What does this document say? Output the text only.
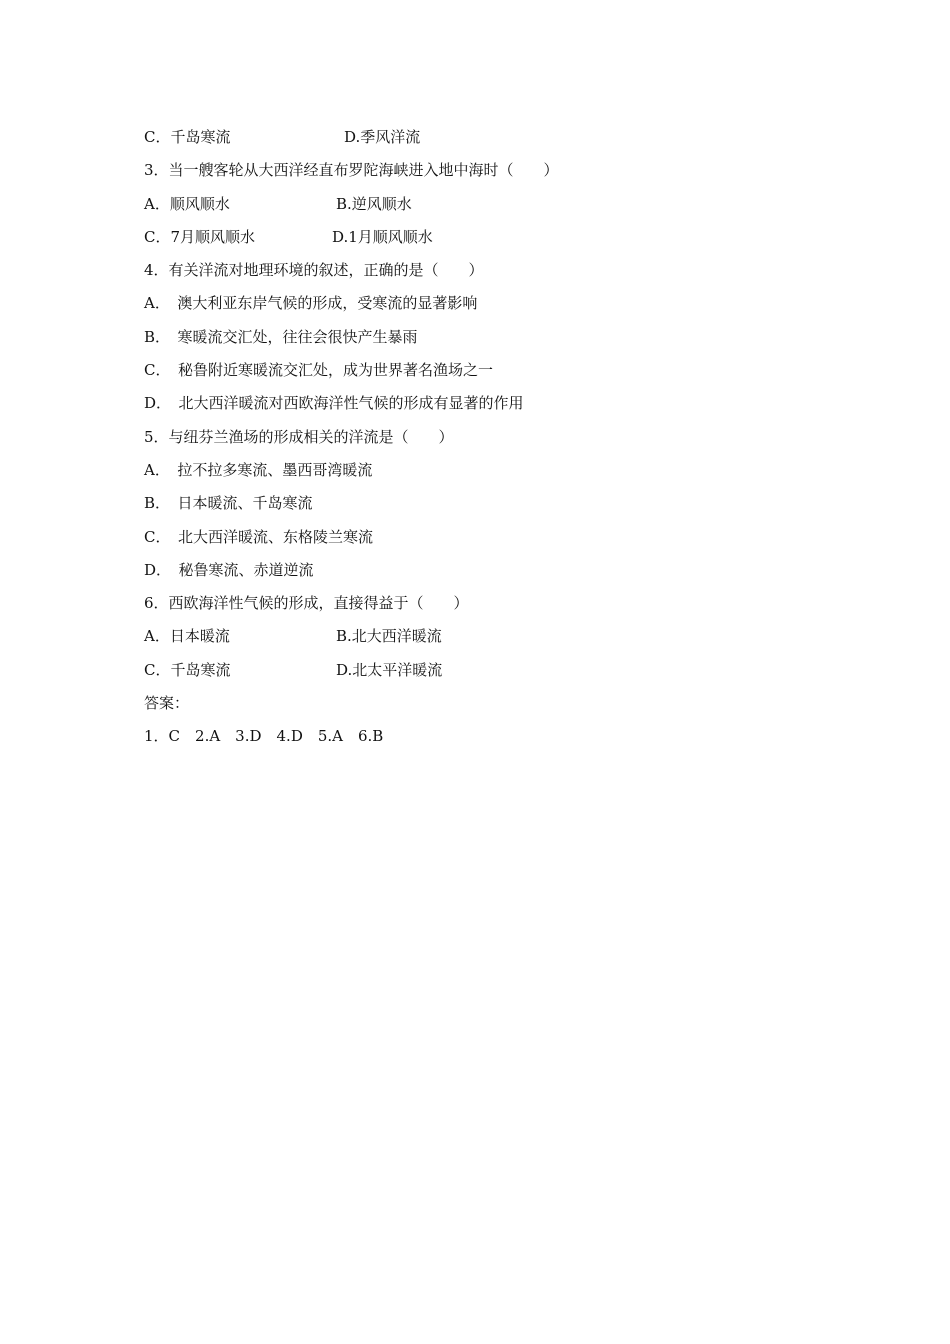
C．千岛寒流	D.季风洋流
3．当一艘客轮从大西洋经直布罗陀海峡进入地中海时（　　）
A．顺风顺水	B.逆风顺水
C．7月顺风顺水	D.1月顺风顺水
4．有关洋流对地理环境的叙述，正确的是（　　）
A．　澳大利亚东岸气候的形成，受寒流的显著影响
B．　寒暖流交汇处，往往会很快产生暴雨
C．　秘鲁附近寒暖流交汇处，成为世界著名渔场之一
D．　北大西洋暖流对西欧海洋性气候的形成有显著的作用
5．与纽芬兰渔场的形成相关的洋流是（　　）
A．　拉不拉多寒流、墨西哥湾暖流
B．　日本暖流、千岛寒流
C．　北大西洋暖流、东格陵兰寒流
D．　秘鲁寒流、赤道逆流
6．西欧海洋性气候的形成，直接得益于（　　）
A．日本暖流	B.北大西洋暖流
C．千岛寒流	D.北太平洋暖流
答案：
1．C　2.A　3.D　4.D　5.A　6.B
